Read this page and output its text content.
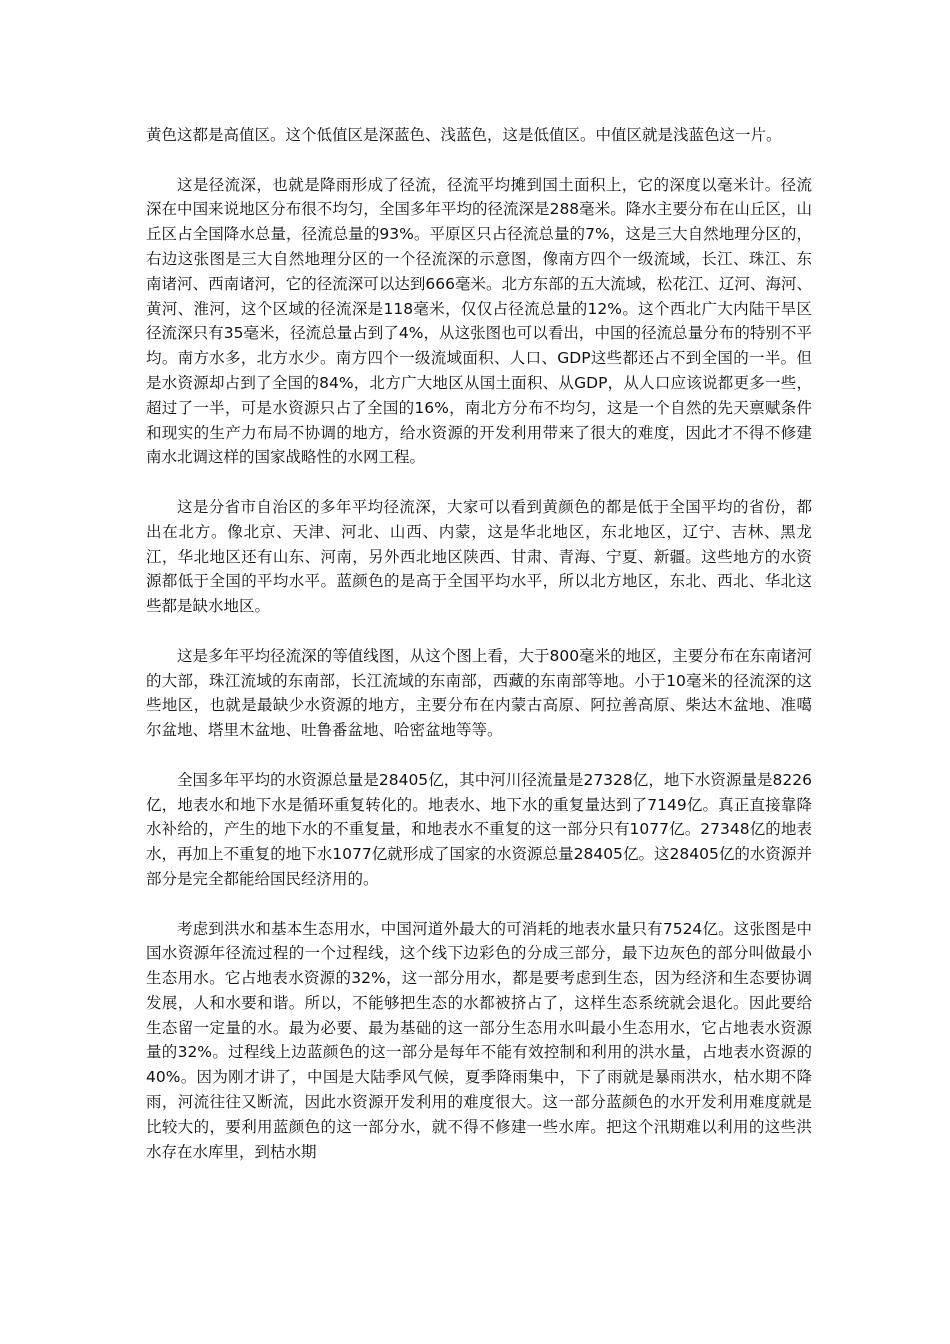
黄色这都是高值区。这个低值区是深蓝色、浅蓝色，这是低值区。中值区就是浅蓝色这一片。

这是径流深，也就是降雨形成了径流，径流平均摊到国土面积上，它的深度以毫米计。径流深在中国来说地区分布很不均匀，全国多年平均的径流深是288毫米。降水主要分布在山丘区，山丘区占全国降水总量，径流总量的93%。平原区只占径流总量的7%，这是三大自然地理分区的，右边这张图是三大自然地理分区的一个径流深的示意图，像南方四个一级流域，长江、珠江、东南诸河、西南诸河，它的径流深可以达到666毫米。北方东部的五大流域，松花江、辽河、海河、黄河、淮河，这个区域的径流深是118毫米，仅仅占径流总量的12%。这个西北广大内陆干旱区径流深只有35毫米，径流总量占到了4%，从这张图也可以看出，中国的径流总量分布的特别不平均。南方水多，北方水少。南方四个一级流域面积、人口、GDP这些都还占不到全国的一半。但是水资源却占到了全国的84%，北方广大地区从国土面积、从GDP，从人口应该说都更多一些，超过了一半，可是水资源只占了全国的16%，南北方分布不均匀，这是一个自然的先天禀赋条件和现实的生产力布局不协调的地方，给水资源的开发利用带来了很大的难度，因此才不得不修建南水北调这样的国家战略性的水网工程。

这是分省市自治区的多年平均径流深，大家可以看到黄颜色的都是低于全国平均的省份，都出在北方。像北京、天津、河北、山西、内蒙，这是华北地区，东北地区，辽宁、吉林、黑龙江，华北地区还有山东、河南，另外西北地区陕西、甘肃、青海、宁夏、新疆。这些地方的水资源都低于全国的平均水平。蓝颜色的是高于全国平均水平，所以北方地区，东北、西北、华北这些都是缺水地区。

这是多年平均径流深的等值线图，从这个图上看，大于800毫米的地区，主要分布在东南诸河的大部，珠江流域的东南部，长江流域的东南部，西藏的东南部等地。小于10毫米的径流深的这些地区，也就是最缺少水资源的地方，主要分布在内蒙古高原、阿拉善高原、柴达木盆地、准噶尔盆地、塔里木盆地、吐鲁番盆地、哈密盆地等等。

全国多年平均的水资源总量是28405亿，其中河川径流量是27328亿，地下水资源量是8226亿，地表水和地下水是循环重复转化的。地表水、地下水的重复量达到了7149亿。真正直接靠降水补给的，产生的地下水的不重复量，和地表水不重复的这一部分只有1077亿。27348亿的地表水，再加上不重复的地下水1077亿就形成了国家的水资源总量28405亿。这28405亿的水资源并部分是完全都能给国民经济用的。

考虑到洪水和基本生态用水，中国河道外最大的可消耗的地表水量只有7524亿。这张图是中国水资源年径流过程的一个过程线，这个线下边彩色的分成三部分，最下边灰色的部分叫做最小生态用水。它占地表水资源的32%，这一部分用水，都是要考虑到生态，因为经济和生态要协调发展，人和水要和谐。所以，不能够把生态的水都被挤占了，这样生态系统就会退化。因此要给生态留一定量的水。最为必要、最为基础的这一部分生态用水叫最小生态用水，它占地表水资源量的32%。过程线上边蓝颜色的这一部分是每年不能有效控制和利用的洪水量，占地表水资源的40%。因为刚才讲了，中国是大陆季风气候，夏季降雨集中，下了雨就是暴雨洪水，枯水期不降雨，河流往往又断流，因此水资源开发利用的难度很大。这一部分蓝颜色的水开发利用难度就是比较大的，要利用蓝颜色的这一部分水，就不得不修建一些水库。把这个汛期难以利用的这些洪水存在水库里，到枯水期
